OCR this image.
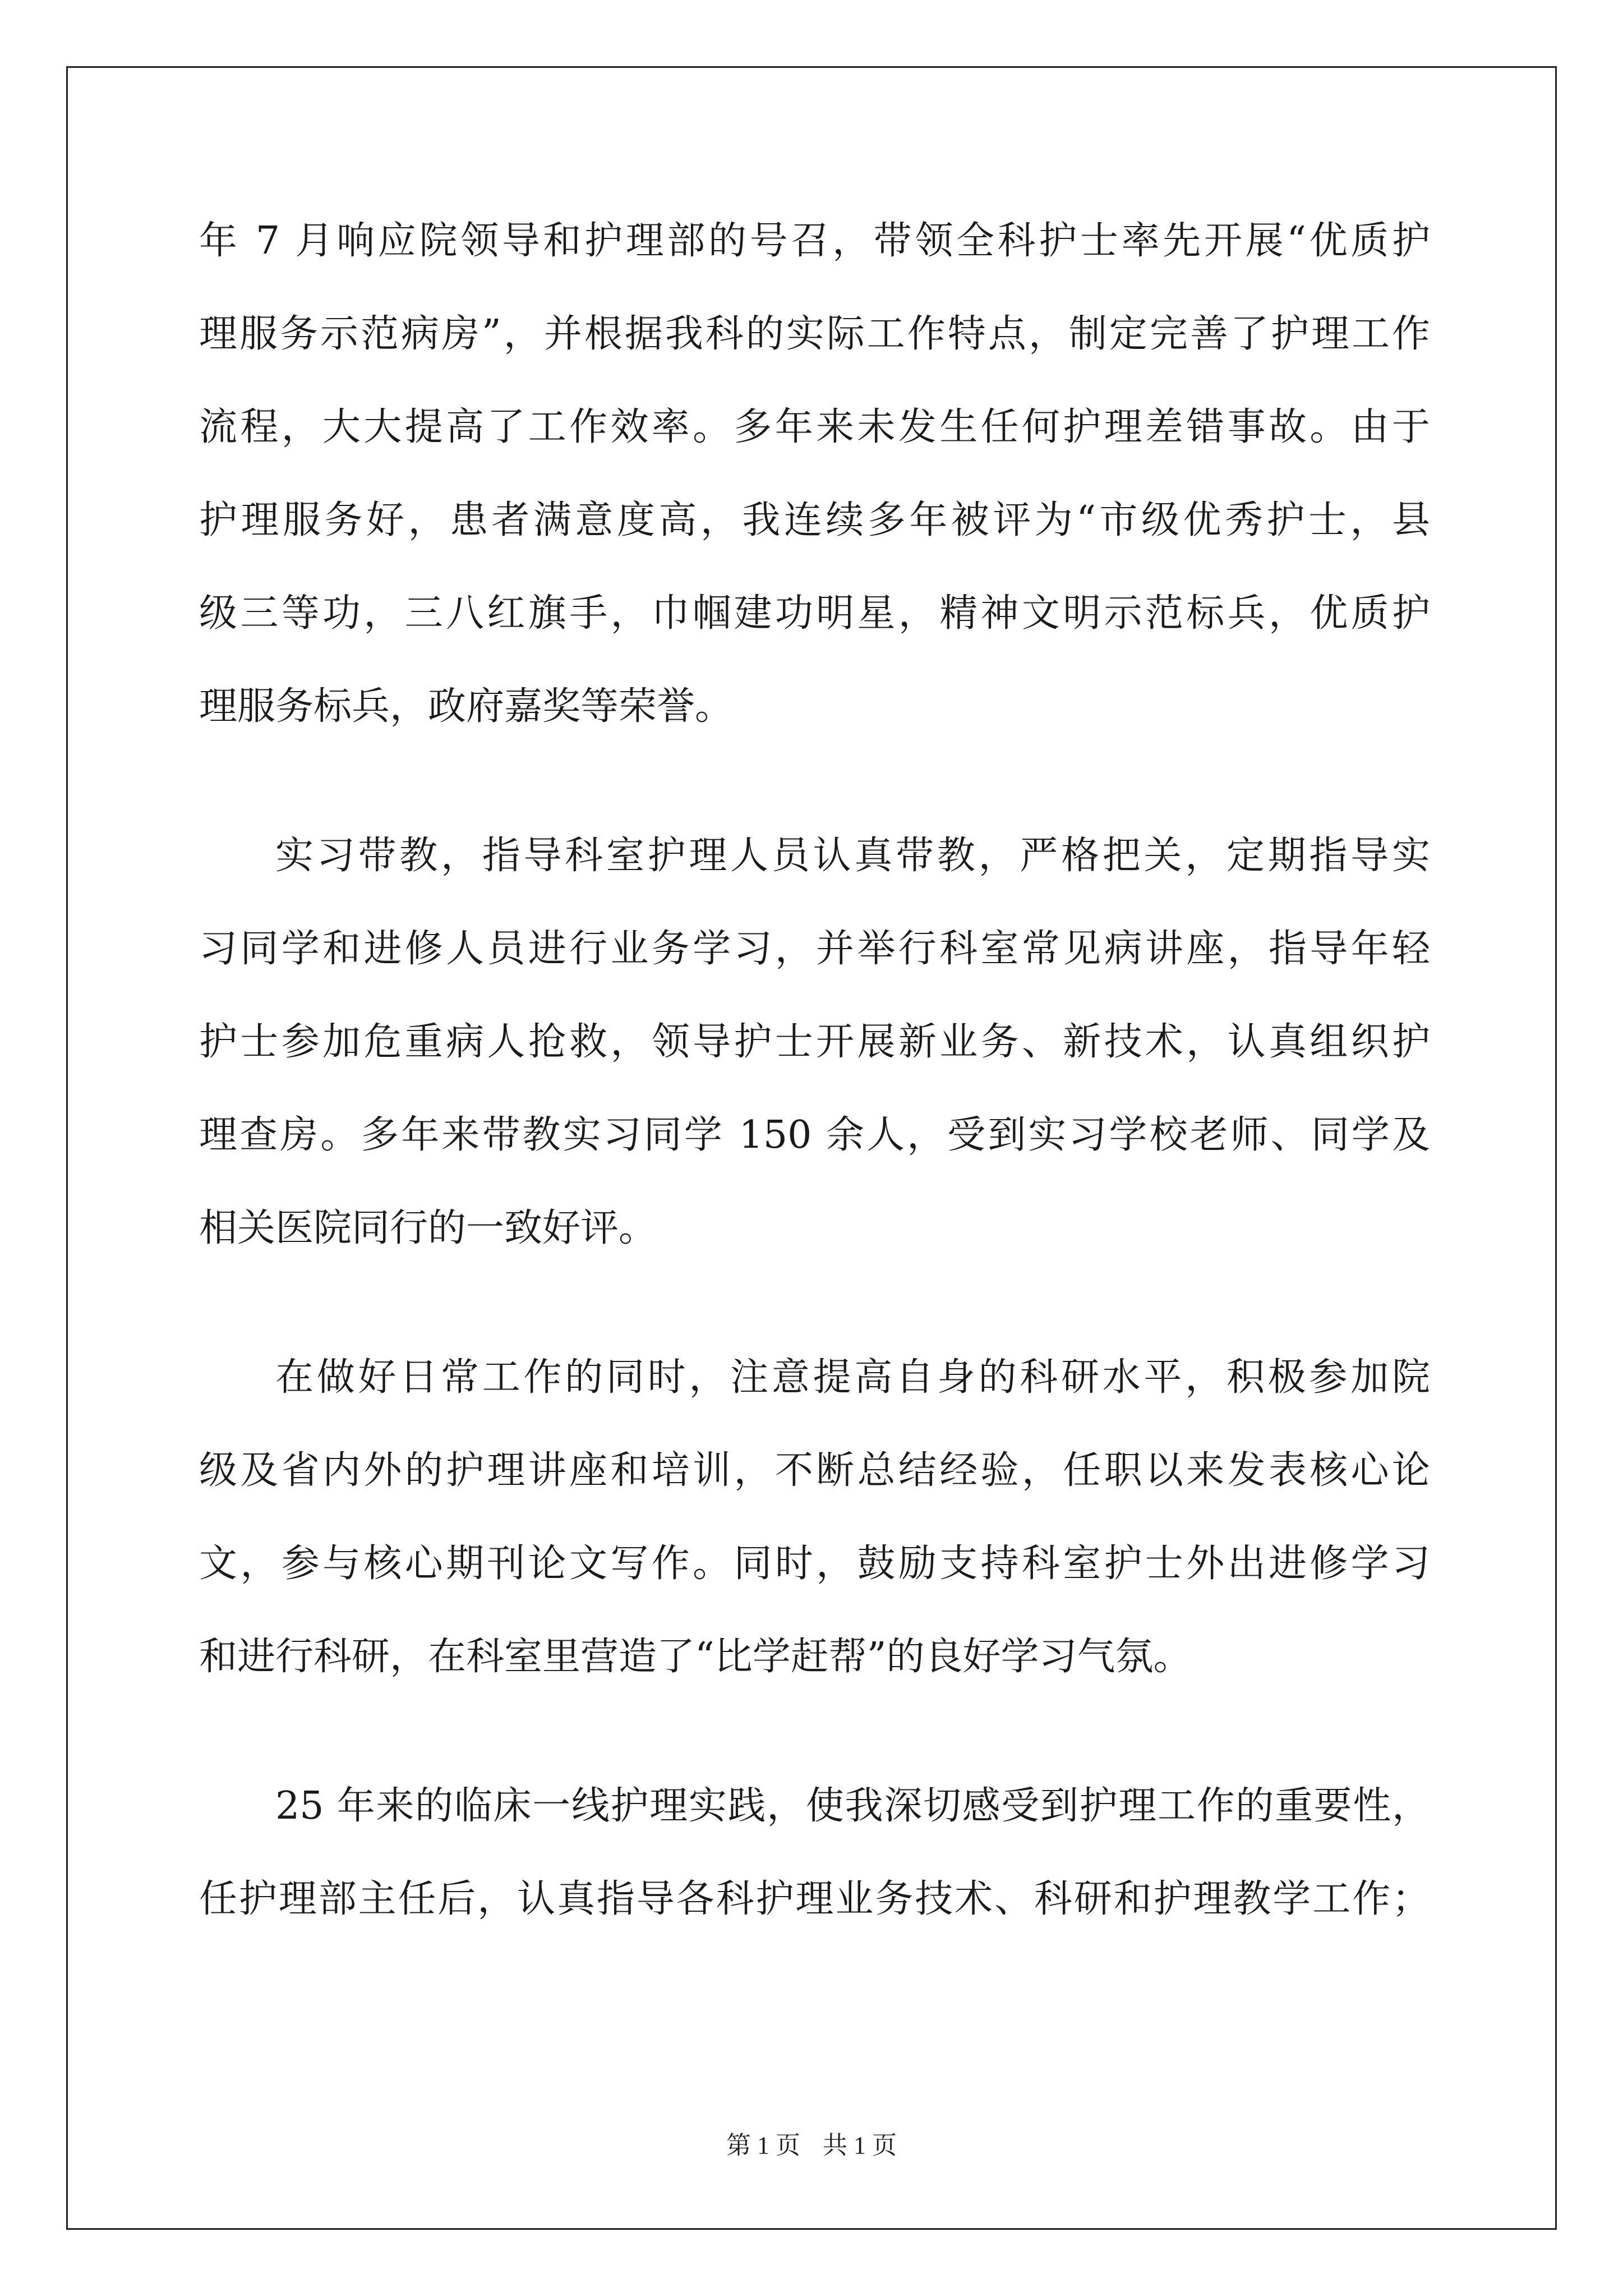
年 7 月响应院领导和护理部的号召，带领全科护士率先开展“优质护
理服务示范病房”，并根据我科的实际工作特点，制定完善了护理工作
流程，大大提高了工作效率。多年来未发生任何护理差错事故。由于
护理服务好，患者满意度高，我连续多年被评为“市级优秀护士，县
级三等功，三八红旗手，巾帼建功明星，精神文明示范标兵，优质护
理服务标兵，政府嘉奖等荣誉。
实习带教，指导科室护理人员认真带教，严格把关，定期指导实
习同学和进修人员进行业务学习，并举行科室常见病讲座，指导年轻
护士参加危重病人抢救，领导护士开展新业务、新技术，认真组织护
理查房。多年来带教实习同学 150 余人，受到实习学校老师、同学及
相关医院同行的一致好评。
在做好日常工作的同时，注意提高自身的科研水平，积极参加院
级及省内外的护理讲座和培训，不断总结经验，任职以来发表核心论
文，参与核心期刊论文写作。同时，鼓励支持科室护士外出进修学习
和进行科研，在科室里营造了“比学赶帮”的良好学习气氛。
25 年来的临床一线护理实践，使我深切感受到护理工作的重要性，
任护理部主任后，认真指导各科护理业务技术、科研和护理教学工作；
第 1 页 共 1 页
